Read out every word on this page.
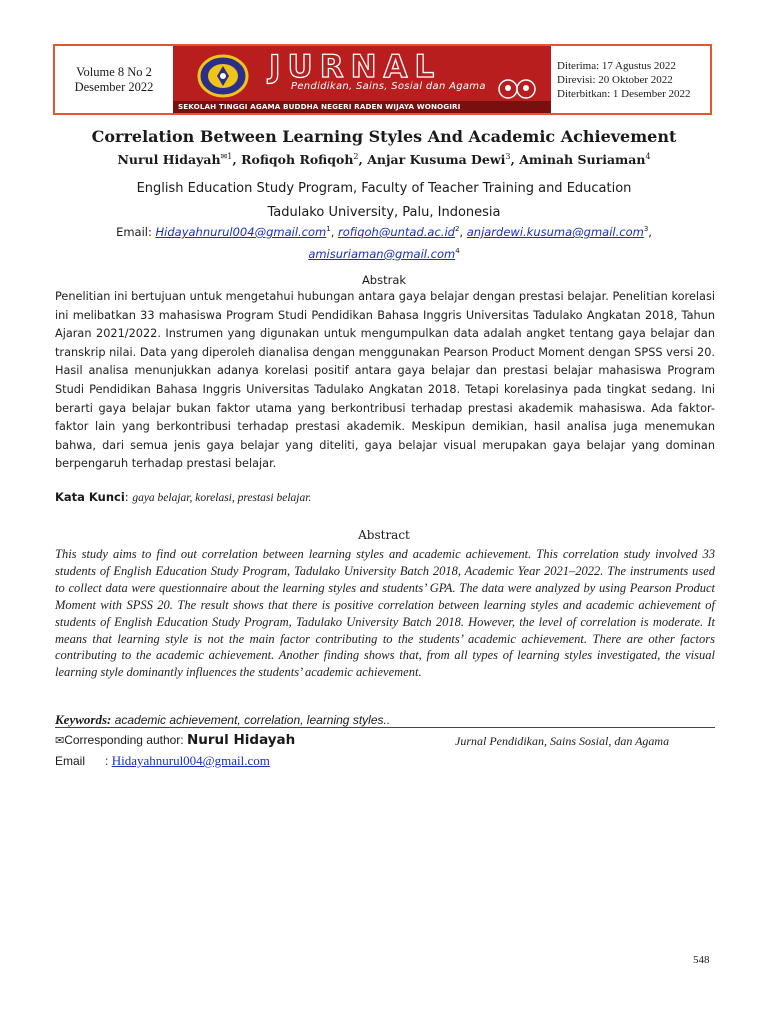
Volume 8 No 2
Desember 2022
JURNAL
Pendidikan, Sains, Sosial dan Agama
SEKOLAH TINGGI AGAMA BUDDHA NEGERI RADEN WIJAYA WONOGIRI
Diterima: 17 Agustus 2022
Direvisi: 20 Oktober 2022
Diterbitkan: 1 Desember 2022
Correlation Between Learning Styles And Academic Achievement
Nurul Hidayah$^{✉1}$, Rofiqoh Rofiqoh$^2$, Anjar Kusuma Dewi$^3$, Aminah Suriaman$^4$
English Education Study Program, Faculty of Teacher Training and Education
Tadulako University, Palu, Indonesia
Email: Hidayahnurul004@gmail.com$^1$, $rofiqoh@untad.ac.id^2$, anjardewi.kusuma@gmail.com$^3$,
amisuriaman@gmail.com$^4$
Abstrak
Penelitian ini bertujuan untuk mengetahui hubungan antara gaya belajar dengan prestasi belajar. Penelitian korelasi ini melibatkan 33 mahasiswa Program Studi Pendidikan Bahasa Inggris Universitas Tadulako Angkatan 2018, Tahun Ajaran 2021/2022. Instrumen yang digunakan untuk mengumpulkan data adalah angket tentang gaya belajar dan transkrip nilai. Data yang diperoleh dianalisa dengan menggunakan Pearson Product Moment dengan SPSS versi 20. Hasil analisa menunjukkan adanya korelasi positif antara gaya belajar dan prestasi belajar mahasiswa Program Studi Pendidikan Bahasa Inggris Universitas Tadulako Angkatan 2018. Tetapi korelasinya pada tingkat sedang. Ini berarti gaya belajar bukan faktor utama yang berkontribusi terhadap prestasi akademik mahasiswa. Ada faktor-faktor lain yang berkontribusi terhadap prestasi akademik. Meskipun demikian, hasil analisa juga menemukan bahwa, dari semua jenis gaya belajar yang diteliti, gaya belajar visual merupakan gaya belajar yang dominan berpengaruh terhadap prestasi belajar.
Kata Kunci: gaya belajar, korelasi, prestasi belajar.
Abstract
This study aims to find out correlation between learning styles and academic achievement. This correlation study involved 33 students of English Education Study Program, Tadulako University Batch 2018, Academic Year 2021–2022. The instruments used to collect data were questionnaire about the learning styles and students’ GPA. The data were analyzed by using Pearson Product Moment with SPSS 20. The result shows that there is positive correlation between learning styles and academic achievement of students of English Education Study Program, Tadulako University Batch 2018. However, the level of correlation is moderate. It means that learning style is not the main factor contributing to the students’ academic achievement. There are other factors contributing to the academic achievement. Another finding shows that, from all types of learning styles investigated, the visual learning style dominantly influences the students’ academic achievement.
Keywords: academic achievement, correlation, learning styles..
✉Corresponding author: Nurul Hidayah	Jurnal Pendidikan, Sains Sosial, dan Agama
Email : Hidayahnurul004@gmail.com
548
